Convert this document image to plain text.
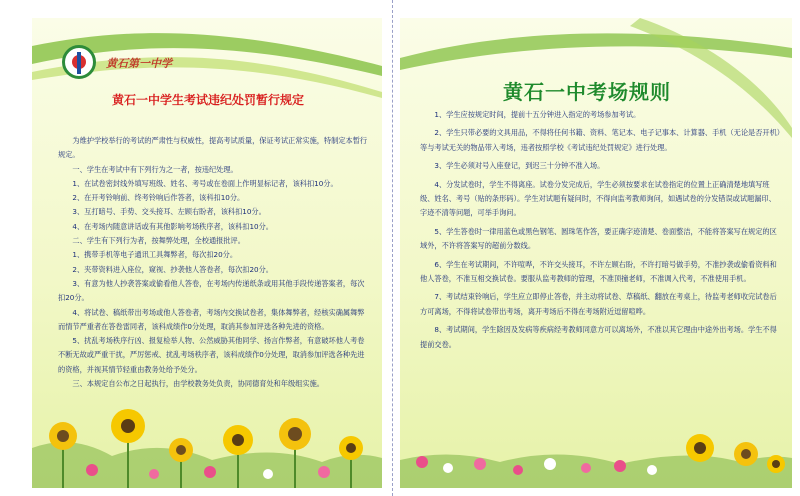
黄石第一中学
黄石一中学生考试违纪处罚暂行规定

为维护学校举行的考试的严肃性与权威性，提高考试质量，保证考试正常实施，特制定本暂行规定。

一、学生在考试中有下列行为之一者，按违纪处理。

1、在试卷密封线外填写班级、姓名、考号或在卷面上作明显标记者，该科扣10分。

2、在开考铃响前、终考铃响后作答者，该科扣10分。

3、互打暗号、手势、交头接耳、左顾右盼者，该科扣10分。

4、在考场内随意讲话或有其他影响考场秩序者，该科扣10分。

二、学生有下列行为者，按舞弊处理，全校通报批评。

1、携带手机等电子通讯工具舞弊者，每次扣20分。

2、夹带资料进入座位，窥视、抄袭他人答卷者，每次扣20分。

3、有意为他人抄袭答案或偷看他人答卷，在考场内传递纸条或用其他手段传递答案者，每次扣20分。

4、将试卷、稿纸带出考场或他人答卷者，考场内交换试卷者，集体舞弊者，经核实确属舞弊而情节严重者在答卷雷同者，该科成绩作0分处理，取消其参加评选各种先进的资格。

5、扰乱考场秩序行凶、报复检举人物、公然威胁其他同学、扬言作弊者，有意破坏他人考卷不断无故或严重干扰，严厉惩戒、扰乱考场秩序者，该科成绩作0分处理，取消参加评选各种先进的资格，并视其情节轻重由教务处给予处分。

三、本规定自公布之日起执行，由学校教务处负责，协同德育处和年级组实施。

黄石一中考场规则

1、学生应按规定时间，提前十五分钟进入指定的考场参加考试。

2、学生只带必要的文具用品，不得将任何书籍、资料、笔记本、电子记事本、计算器、手机（无论是否开机）等与考试无关的物品带入考场，违者按照学校《考试违纪处罚规定》进行处理。

3、学生必须对号入座登记，到迟三十分钟不准入场。

4、分发试卷时，学生不得离座。试卷分发完成后，学生必须按要求在试卷指定的位置上正确清楚地填写班级、姓名、考号（贴的条形码）。学生对试题有疑问时，不得向监考教师询问，如遇试卷的分发错误或试题漏印、字迹不清等问题，可举手询问。

5、学生答卷时一律用蓝色或黑色钢笔、圆珠笔作答，要正确字迹清楚、卷面整洁，不能将答案写在规定的区域外，不许将答案写的超前分数线。

6、学生在考试期间，不许喧哗，不许交头接耳，不许左顾右盼，不许打暗号做手势，不准抄袭或偷看资料和他人答卷，不准互相交换试卷。要服从监考教师的管理，不准顶撞老师，不准调入代考，不准使用手机。

7、考试结束铃响后，学生应立即停止答卷，并主动将试卷、草稿纸、翻放在考桌上，待监考老师收完试卷后方可离场，不得将试卷带出考场，离开考场后不得在考场附近逗留喧哗。

8、考试期间，学生除因及发病等疾病经考教师同意方可以离场外，不准以其它理由中途外出考场。学生不得提前交卷。
